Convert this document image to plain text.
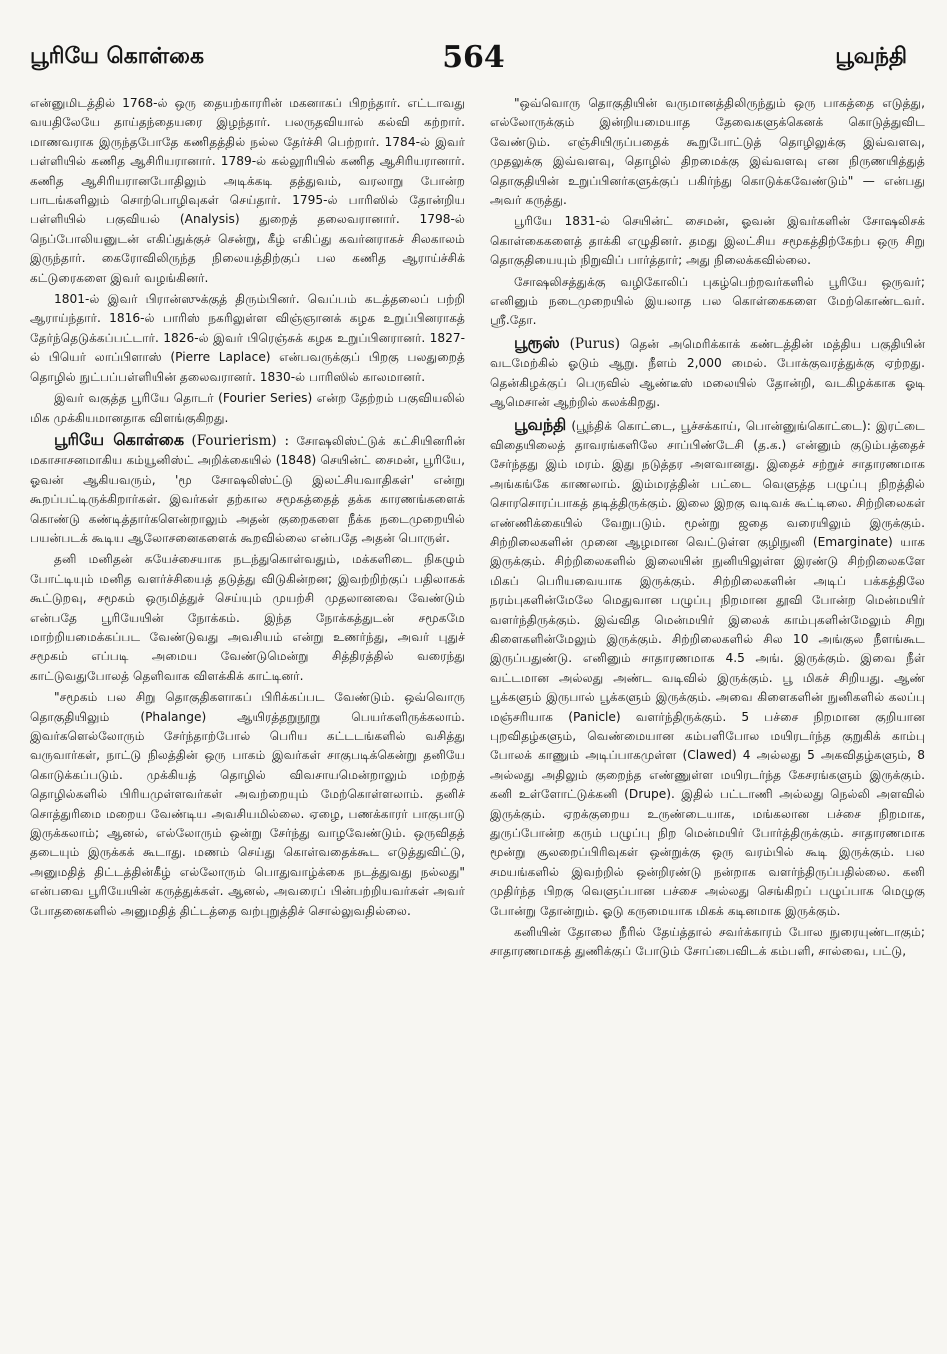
பூரியே கொள்கை	564	பூவந்தி

என்னுமிடத்தில் 1768-ல் ஒரு தையற்காரரின் மகனாகப் பிறந்தார். எட்டாவது வயதிலேயே தாய்தந்தையரை இழந்தார். பலருதவியால் கல்வி கற்றார். மாணவராக இருந்தபோதே கணிதத்தில் நல்ல தேர்ச்சி பெற்றார். 1784-ல் இவர் பள்ளியில் கணித ஆசிரியரானார். 1789-ல் கல்லூரியில் கணித ஆசிரியரானார். கணித ஆசிரியரானபோதிலும் அடிக்கடி தத்துவம், வரலாறு போன்ற பாடங்களிலும் சொற்பொழிவுகள் செய்தார். 1795-ல் பாரிஸில் தோன்றிய பள்ளியில் பகுவியல் (Analysis) துறைத் தலைவரானார். 1798-ல் நெப்போலியனுடன் எகிப்துக்குச் சென்று, கீழ் எகிப்து கவர்னராகச் சிலகாலம் இருந்தார். கைரோவிலிருந்த நிலையத்திற்குப் பல கணித ஆராய்ச்சிக் கட்டுரைகளை இவர் வழங்கினர்.

1801-ல் இவர் பிரான்ஸுக்குத் திரும்பினர். வெப்பம் கடத்தலைப் பற்றி ஆராய்ந்தார். 1816-ல் பாரிஸ் நகரிலுள்ள விஞ்ஞானக் கழக உறுப்பினராகத் தேர்ந்தெடுக்கப்பட்டார். 1826-ல் இவர் பிரெஞ்சுக் கழக உறுப்பினரானர். 1827-ல் பியெர் லாப்பிளாஸ் (Pierre Laplace) என்பவருக்குப் பிறகு பலதுறைத் தொழில் நுட்பப்பள்ளியின் தலைவரானர். 1830-ல் பாரிஸில் காலமானர்.

இவர் வகுத்த பூரியே தொடர் (Fourier Series) என்ற தேற்றம் பகுவியலில் மிக முக்கியமானதாக விளங்குகிறது.

பூரியே கொள்கை (Fourierism) : சோஷலிஸ்ட்டுக் கட்சியினரின் மகாசாசனமாகிய கம்யூனிஸ்ட் அறிக்கையில் (1848) செயின்ட் சைமன், பூரியே, ஓவன் ஆகியவரும், 'மூ சோஷலிஸ்ட்டு இலட்சியவாதிகள்' என்று கூறப்பட்டிருக்கிறார்கள். இவர்கள் தற்கால சமூகத்தைத் தக்க காரணங்களைக் கொண்டு கண்டித்தார்களென்றாலும் அதன் குறைகளை நீக்க நடைமுறையில் பயன்படக் கூடிய ஆலோசனைகளைக் கூறவில்லை என்பதே அதன் பொருள்.

தனி மனிதன் சுயேச்சையாக நடந்துகொள்வதும், மக்களிடை நிகழும் போட்டியும் மனித வளர்ச்சியைத் தடுத்து விடுகின்றன; இவற்றிற்குப் பதிலாகக் கூட்டுறவு, சமூகம் ஒருமித்துச் செய்யும் முயற்சி முதலானவை வேண்டும் என்பதே பூரியேயின் நோக்கம். இந்த நோக்கத்துடன் சமூகமே மாற்றியமைக்கப்பட வேண்டுவது அவசியம் என்று உணர்ந்து, அவர் புதுச் சமூகம் எப்படி அமைய வேண்டுமென்று சித்திரத்தில் வரைந்து காட்டுவதுபோலத் தெளிவாக விளக்கிக் காட்டினர்.

"சமூகம் பல சிறு தொகுதிகளாகப் பிரிக்கப்பட வேண்டும். ஒவ்வொரு தொகுதியிலும் (Phalange) ஆயிரத்தறுநூறு பெயர்களிருக்கலாம். இவர்களெல்லோரும் சேர்ந்தாற்போல் பெரிய கட்டடங்களில் வசித்து வருவார்கள், நாட்டு நிலத்தின் ஒரு பாகம் இவர்கள் சாகுபடிக்கென்று தனியே கொடுக்கப்படும். முக்கியத் தொழில் விவசாயமென்றாலும் மற்றத் தொழில்களில் பிரியமுள்ளவர்கள் அவற்றையும் மேற்கொள்ளலாம். தனிச் சொத்துரிமை மறைய வேண்டிய அவசியமில்லை. ஏழை, பணக்காரர் பாகுபாடு இருக்கலாம்; ஆனல், எல்லோரும் ஒன்று சேர்ந்து வாழவேண்டும். ஒருவிதத் தடையும் இருக்கக் கூடாது. மணம் செய்து கொள்வதைக்கூட எடுத்துவிட்டு, அனுமதித் திட்டத்தின்கீழ் எல்லோரும் பொதுவாழ்க்கை நடத்துவது நல்லது" என்பவை பூரியேயின் கருத்துக்கள். ஆனல், அவரைப் பின்பற்றியவர்கள் அவர் போதனைகளில் அனுமதித் திட்டத்தை வற்புறுத்திச் சொல்லுவதில்லை.

"ஒவ்வொரு தொகுதியின் வருமானத்திலிருந்தும் ஒரு பாகத்தை எடுத்து, எல்லோருக்கும் இன்றியமையாத தேவைகளுக்கெனக் கொடுத்துவிட வேண்டும். எஞ்சியிருப்பதைக் கூறுபோட்டுத் தொழிலுக்கு இவ்வளவு, முதலுக்கு இவ்வளவு, தொழில் திறமைக்கு இவ்வளவு என நிருணயித்துத் தொகுதியின் உறுப்பினர்களுக்குப் பகிர்ந்து கொடுக்கவேண்டும்" — என்பது அவர் கருத்து.

பூரியே 1831-ல் செயின்ட் சைமன், ஓவன் இவர்களின் சோஷலிசக் கொள்கைகளைத் தாக்கி எழுதினர். தமது இலட்சிய சமூகத்திற்கேற்ப ஒரு சிறு தொகுதியையும் நிறுவிப் பார்த்தார்; அது நிலைக்கவில்லை.

சோஷலிசத்துக்கு வழிகோலிப் புகழ்பெற்றவர்களில் பூரியே ஒருவர்; எனினும் நடைமுறையில் இயலாத பல கொள்கைகளை மேற்கொண்டவர். ஸ்ரீ.தோ.

பூரூஸ் (Purus) தென் அமெரிக்காக் கண்டத்தின் மத்திய பகுதியின் வடமேற்கில் ஓடும் ஆறு. நீளம் 2,000 மைல். போக்குவரத்துக்கு ஏற்றது. தென்கிழக்குப் பெருவில் ஆண்டீஸ் மலையில் தோன்றி, வடகிழக்காக ஓடி ஆமெசான் ஆற்றில் கலக்கிறது.

பூவந்தி (பூந்திக் கொட்டை, பூச்சக்காய், பொன்னுங்கொட்டை): இரட்டை விதையிலைத் தாவரங்களிலே சாப்பிண்டேசி (த.க.) என்னும் குடும்பத்தைச் சேர்ந்தது இம் மரம். இது நடுத்தர அளவானது. இதைச் சற்றுச் சாதாரணமாக அங்கங்கே காணலாம். இம்மரத்தின் பட்டை வெளுத்த பழுப்பு நிறத்தில் சொரசொரப்பாகத் தடித்திருக்கும். இலை இறகு வடிவக் கூட்டிலை. சிற்றிலைகள் எண்ணிக்கையில் வேறுபடும். மூன்று ஜதை வரையிலும் இருக்கும். சிற்றிலைகளின் முனை ஆழமான வெட்டுள்ள குழிநுனி (Emarginate) யாக இருக்கும். சிற்றிலைகளில் இலையின் நுனியிலுள்ள இரண்டு சிற்றிலைகளே மிகப் பெரியவையாக இருக்கும். சிற்றிலைகளின் அடிப் பக்கத்திலே நரம்புகளின்மேலே மெதுவான பழுப்பு நிறமான தூவி போன்ற மென்மயிர் வளர்ந்திருக்கும். இவ்வித மென்மயிர் இலைக் காம்புகளின்மேலும் சிறு கிளைகளின்மேலும் இருக்கும். சிற்றிலைகளில் சில 10 அங்குல நீளங்கூட இருப்பதுண்டு. எனினும் சாதாரணமாக 4.5 அங். இருக்கும். இவை நீள் வட்டமான அல்லது அண்ட வடிவில் இருக்கும். பூ மிகச் சிறியது. ஆண் பூக்களும் இருபால் பூக்களும் இருக்கும். அவை கிளைகளின் நுனிகளில் கலப்பு மஞ்சரியாக (Panicle) வளர்ந்திருக்கும். 5 பச்சை நிறமான குறியான புறவிதழ்களும், வெண்மையான கம்பளிபோல மயிரடர்ந்த குறுகிக் காம்பு போலக் காணும் அடிப்பாகமுள்ள (Clawed) 4 அல்லது 5 அகவிதழ்களும், 8 அல்லது அதிலும் குறைந்த எண்ணுள்ள மயிரடர்ந்த கேசரங்களும் இருக்கும். கனி உள்ளோட்டுக்கனி (Drupe). இதில் பட்டாணி அல்லது நெல்லி அளவில் இருக்கும். ஏறக்குறைய உருண்டையாக, மங்கலான பச்சை நிறமாக, துருப்போன்ற கரும் பழுப்பு நிற மென்மயிர் போர்த்திருக்கும். சாதாரணமாக மூன்று சூலறைப்பிரிவுகள் ஒன்றுக்கு ஒரு வரம்பில் கூடி இருக்கும். பல சமயங்களில் இவற்றில் ஒன்றிரண்டு நன்றாக வளர்ந்திருப்பதில்லை. கனி முதிர்ந்த பிறகு வெளுப்பான பச்சை அல்லது செங்கிறப் பழுப்பாக மெழுகு போன்று தோன்றும். ஓடு கருமையாக மிகக் கடினமாக இருக்கும்.

கனியின் தோலை நீரில் தேய்த்தால் சவர்க்காரம் போல நுரையுண்டாகும்; சாதாரணமாகத் துணிக்குப் போடும் சோப்பைவிடக் கம்பளி, சால்வை, பட்டு,
